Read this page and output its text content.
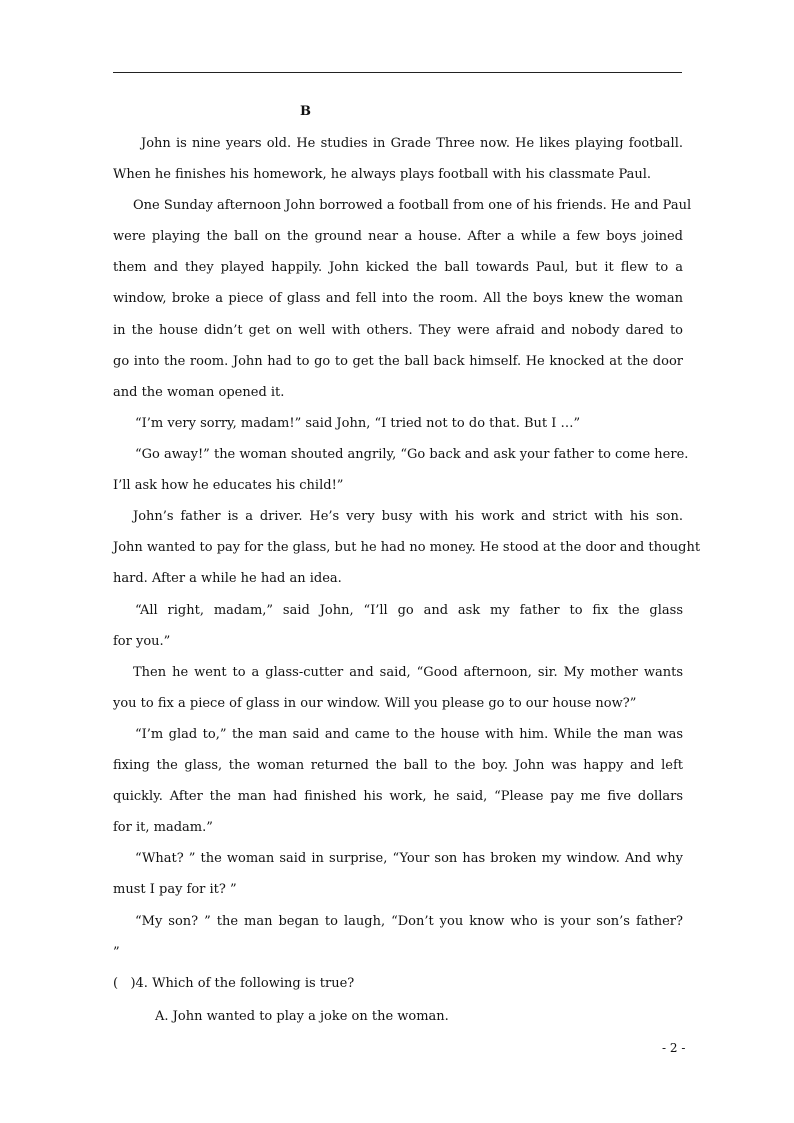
B
John is nine years old. He studies in Grade Three now. He likes playing football.
When he finishes his homework, he always plays football with his classmate Paul.
One Sunday afternoon John borrowed a football from one of his friends. He and Paul
were playing the ball on the ground near a house. After a while a few boys joined
them and they played happily. John kicked the ball towards Paul, but it flew to a
window, broke a piece of glass and fell into the room. All the boys knew the woman
in the house didn’t get on well with others. They were afraid and nobody dared to
go into the room. John had to go to get the ball back himself. He knocked at the door
and the woman opened it.
“I’m very sorry, madam!” said John, “I tried not to do that. But I …”
“Go away!” the woman shouted angrily, “Go back and ask your father to come here.
I’ll ask how he educates his child!”
John’s father is a driver. He’s very busy with his work and strict with his son.
John wanted to pay for the glass, but he had no money. He stood at the door and thought
hard. After a while he had an idea.
“All right, madam,” said John, “I’ll go and ask my father to fix the glass
for you.”
Then he went to a glass-cutter and said, “Good afternoon, sir. My mother wants
you to fix a piece of glass in our window. Will you please go to our house now?”
“I’m glad to,” the man said and came to the house with him. While the man was
fixing the glass, the woman returned the ball to the boy. John was happy and left
quickly. After the man had finished his work, he said, “Please pay me five dollars
for it, madam.”
“What? ” the woman said in surprise, “Your son has broken my window. And why
must I pay for it? ”
“My son? ” the man began to laugh, “Don’t you know who is your son’s father?
”
(   )4. Which of the following is true?
A. John wanted to play a joke on the woman.
- 2 -
